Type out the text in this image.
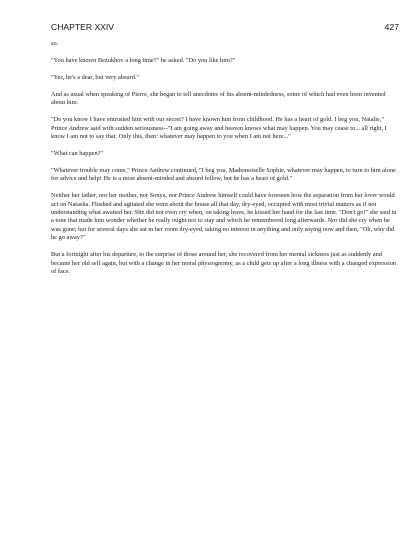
CHAPTER XXIV	427

so.

"You have known Bezukhov a long time?" he asked. "Do you like him?"

"Yes, he's a dear, but very absurd."

And as usual when speaking of Pierre, she began to tell anecdotes of his absent-mindedness, some of which had even been invented about him.

"Do you know I have entrusted him with our secret? I have known him from childhood. He has a heart of gold. I beg you, Natalie," Prince Andrew said with sudden seriousness--"I am going away and heaven knows what may happen. You may cease to... all right, I know I am not to say that. Only this, then: whatever may happen to you when I am not here..."

"What can happen?"

"Whatever trouble may come," Prince Andrew continued, "I beg you, Mademoiselle Sophie, whatever may happen, to turn to him alone for advice and help! He is a most absent-minded and absurd fellow, but he has a heart of gold."

Neither her father, nor her mother, nor Sonya, nor Prince Andrew himself could have foreseen how the separation from her lover would act on Natasha. Flushed and agitated she went about the house all that day, dry-eyed, occupied with most trivial matters as if not understanding what awaited her. She did not even cry when, on taking leave, he kissed her hand for the last time. "Don't go!" she said in a tone that made him wonder whether he really ought not to stay and which he remembered long afterwards. Nor did she cry when he was gone; but for several days she sat in her room dry-eyed, taking no interest in anything and only saying now and then, "Oh, why did he go away?"

But a fortnight after his departure, to the surprise of those around her, she recovered from her mental sickness just as suddenly and became her old self again, but with a change in her moral physiognomy, as a child gets up after a long illness with a changed expression of face.
